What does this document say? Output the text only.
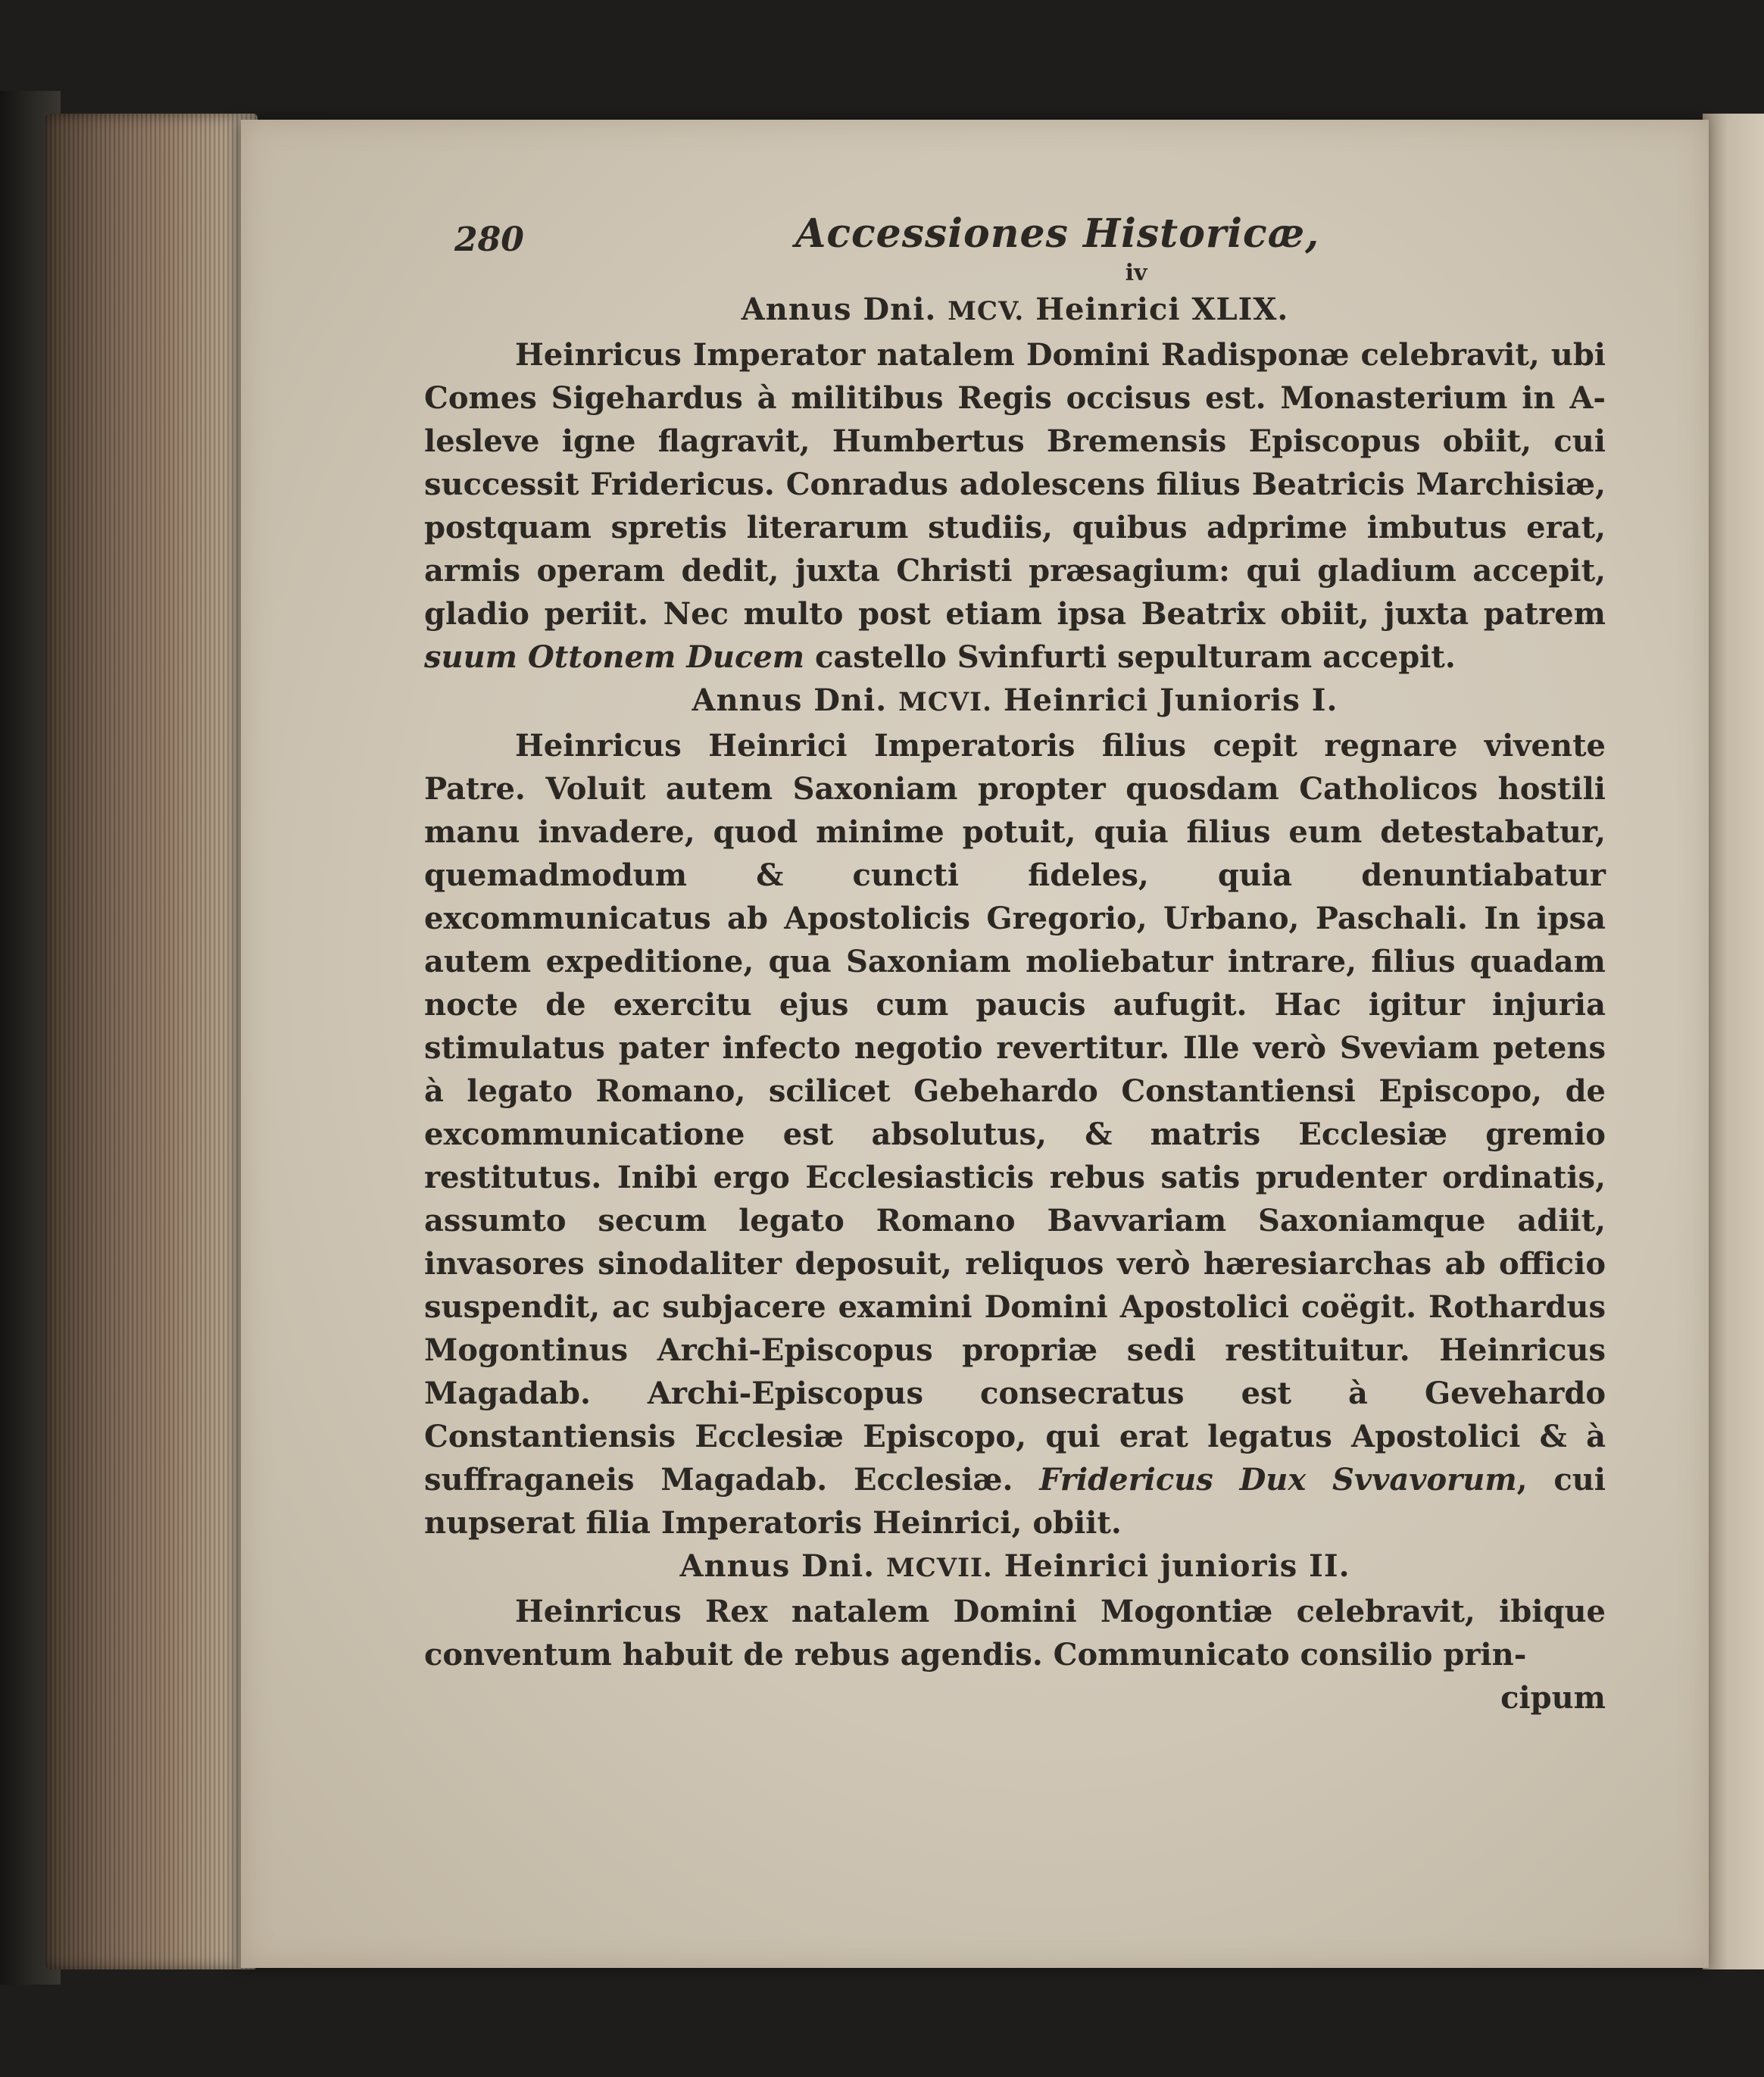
280	Accessiones Historicæ,
iv
Annus Dni. MCV. Heinrici XLIX.

Heinricus Imperator natalem Domini Radisponæ celebravit, ubi Comes Sigehardus à militibus Regis occisus est. Monasterium in A-lesleve igne flagravit, Humbertus Bremensis Episcopus obiit, cui successit Fridericus. Conradus adolescens filius Beatricis Marchisiæ, postquam spretis literarum studiis, quibus adprime imbutus erat, armis operam dedit, juxta Christi præsagium: qui gladium accepit, gladio periit. Nec multo post etiam ipsa Beatrix obiit, juxta patrem suum Ottonem Ducem castello Svinfurti sepulturam accepit.

Annus Dni. MCVI. Heinrici Junioris I.

Heinricus Heinrici Imperatoris filius cepit regnare vivente Patre. Voluit autem Saxoniam propter quosdam Catholicos hostili manu invadere, quod minime potuit, quia filius eum detestabatur, quemadmodum & cuncti fideles, quia denuntiabatur excommunicatus ab Apostolicis Gregorio, Urbano, Paschali. In ipsa autem expeditione, qua Saxoniam moliebatur intrare, filius quadam nocte de exercitu ejus cum paucis aufugit. Hac igitur injuria stimulatus pater infecto negotio revertitur. Ille verò Sveviam petens à legato Romano, scilicet Gebehardo Constantiensi Episcopo, de excommunicatione est absolutus, & matris Ecclesiæ gremio restitutus. Inibi ergo Ecclesiasticis rebus satis prudenter ordinatis, assumto secum legato Romano Bavvariam Saxoniamque adiit, invasores sinodaliter deposuit, reliquos verò hæresiarchas ab officio suspendit, ac subjacere examini Domini Apostolici coëgit. Rothardus Mogontinus Archi-Episcopus propriæ sedi restituitur. Heinricus Magadab. Archi-Episcopus consecratus est à Gevehardo Constantiensis Ecclesiæ Episcopo, qui erat legatus Apostolici & à suffraganeis Magadab. Ecclesiæ. Fridericus Dux Svvavorum, cui nupserat filia Imperatoris Heinrici, obiit.

Annus Dni. MCVII. Heinrici junioris II.

Heinricus Rex natalem Domini Mogontiæ celebravit, ibique conventum habuit de rebus agendis. Communicato consilio prin-

cipum
